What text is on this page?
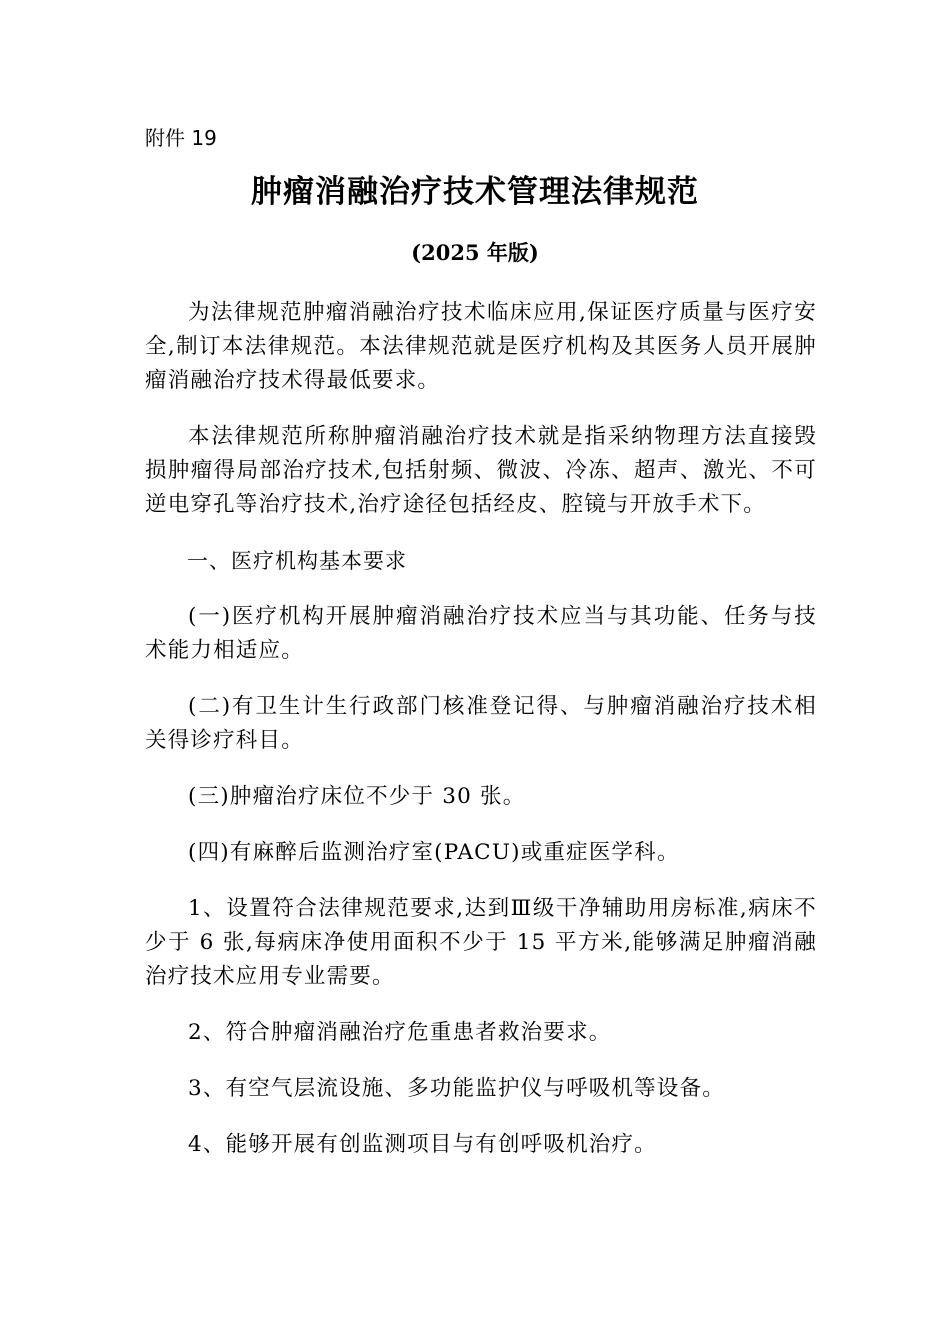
附件 19
肿瘤消融治疗技术管理法律规范
(2025 年版)

为法律规范肿瘤消融治疗技术临床应用,保证医疗质量与医疗安全,制订本法律规范。本法律规范就是医疗机构及其医务人员开展肿瘤消融治疗技术得最低要求。

本法律规范所称肿瘤消融治疗技术就是指采纳物理方法直接毁损肿瘤得局部治疗技术,包括射频、微波、冷冻、超声、激光、不可逆电穿孔等治疗技术,治疗途径包括经皮、腔镜与开放手术下。

一、医疗机构基本要求

(一)医疗机构开展肿瘤消融治疗技术应当与其功能、任务与技术能力相适应。

(二)有卫生计生行政部门核准登记得、与肿瘤消融治疗技术相关得诊疗科目。

(三)肿瘤治疗床位不少于 30 张。

(四)有麻醉后监测治疗室(PACU)或重症医学科。

1、设置符合法律规范要求,达到Ⅲ级干净辅助用房标准,病床不少于 6 张,每病床净使用面积不少于 15 平方米,能够满足肿瘤消融治疗技术应用专业需要。

2、符合肿瘤消融治疗危重患者救治要求。

3、有空气层流设施、多功能监护仪与呼吸机等设备。

4、能够开展有创监测项目与有创呼吸机治疗。
